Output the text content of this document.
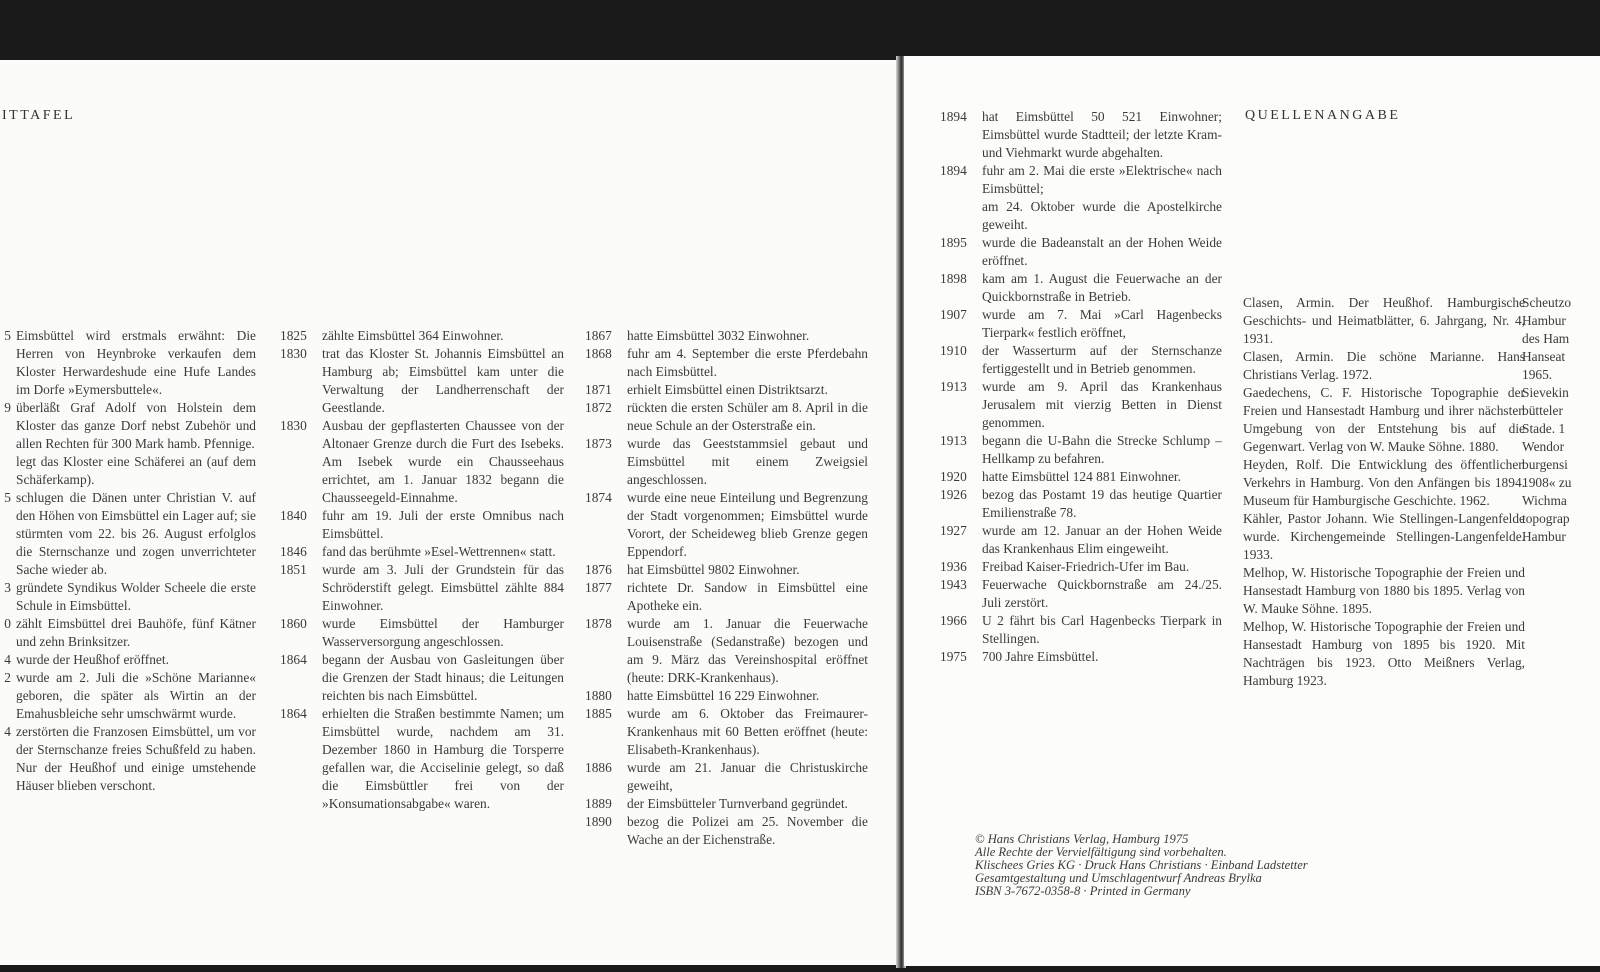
ITTAFEL
5 Eimsbüttel wird erstmals erwähnt: Die Herren von Heynbroke verkaufen dem Kloster Herwardeshude eine Hufe Landes im Dorfe »Eymersbuttele«.
9 überläßt Graf Adolf von Holstein dem Kloster das ganze Dorf nebst Zubehör und allen Rechten für 300 Mark hamb. Pfennige.
legt das Kloster eine Schäferei an (auf dem Schäferkamp).
5 schlugen die Dänen unter Christian V. auf den Höhen von Eimsbüttel ein Lager auf; sie stürmten vom 22. bis 26. August erfolglos die Sternschanze und zogen unverrichteter Sache wieder ab.
3 gründete Syndikus Wolder Scheele die erste Schule in Eimsbüttel.
0 zählt Eimsbüttel drei Bauhöfe, fünf Kätner und zehn Brinksitzer.
4 wurde der Heußhof eröffnet.
2 wurde am 2. Juli die »Schöne Marianne« geboren, die später als Wirtin an der Emahusbleiche sehr umschwärmt wurde.
4 zerstörten die Franzosen Eimsbüttel, um vor der Sternschanze freies Schußfeld zu haben. Nur der Heußhof und einige umstehende Häuser blieben verschont.
1825	zählte Eimsbüttel 364 Einwohner.
1830	trat das Kloster St. Johannis Eimsbüttel an Hamburg ab; Eimsbüttel kam unter die Verwaltung der Landherrenschaft der Geestlande.
1830	Ausbau der gepflasterten Chaussee von der Altonaer Grenze durch die Furt des Isebeks. Am Isebek wurde ein Chausseehaus errichtet, am 1. Januar 1832 begann die Chausseegeld-Einnahme.
1840	fuhr am 19. Juli der erste Omnibus nach Eimsbüttel.
1846	fand das berühmte »Esel-Wettrennen« statt.
1851	wurde am 3. Juli der Grundstein für das Schröderstift gelegt. Eimsbüttel zählte 884 Einwohner.
1860	wurde Eimsbüttel der Hamburger Wasserversorgung angeschlossen.
1864	begann der Ausbau von Gasleitungen über die Grenzen der Stadt hinaus; die Leitungen reichten bis nach Eimsbüttel.
1864	erhielten die Straßen bestimmte Namen; um Eimsbüttel wurde, nachdem am 31. Dezember 1860 in Hamburg die Torsperre gefallen war, die Acciselinie gelegt, so daß die Eimsbüttler frei von der »Konsumationsabgabe« waren.
1867	hatte Eimsbüttel 3032 Einwohner.
1868	fuhr am 4. September die erste Pferdebahn nach Eimsbüttel.
1871	erhielt Eimsbüttel einen Distriktsarzt.
1872	rückten die ersten Schüler am 8. April in die neue Schule an der Osterstraße ein.
1873	wurde das Geeststammsiel gebaut und Eimsbüttel mit einem Zweigsiel angeschlossen.
1874	wurde eine neue Einteilung und Begrenzung der Stadt vorgenommen; Eimsbüttel wurde Vorort, der Scheideweg blieb Grenze gegen Eppendorf.
1876	hat Eimsbüttel 9802 Einwohner.
1877	richtete Dr. Sandow in Eimsbüttel eine Apotheke ein.
1878	wurde am 1. Januar die Feuerwache Louisenstraße (Sedanstraße) bezogen und am 9. März das Vereinshospital eröffnet (heute: DRK-Krankenhaus).
1880	hatte Eimsbüttel 16 229 Einwohner.
1885	wurde am 6. Oktober das Freimaurer-Krankenhaus mit 60 Betten eröffnet (heute: Elisabeth-Krankenhaus).
1886	wurde am 21. Januar die Christuskirche geweiht,
1889	der Eimsbütteler Turnverband gegründet.
1890	bezog die Polizei am 25. November die Wache an der Eichenstraße.
1894	hat Eimsbüttel 50 521 Einwohner; Eimsbüttel wurde Stadtteil; der letzte Kram- und Viehmarkt wurde abgehalten.
1894	fuhr am 2. Mai die erste »Elektrische« nach Eimsbüttel;
am 24. Oktober wurde die Apostelkirche geweiht.
1895	wurde die Badeanstalt an der Hohen Weide eröffnet.
1898	kam am 1. August die Feuerwache an der Quickbornstraße in Betrieb.
1907	wurde am 7. Mai »Carl Hagenbecks Tierpark« festlich eröffnet,
1910	der Wasserturm auf der Sternschanze fertiggestellt und in Betrieb genommen.
1913	wurde am 9. April das Krankenhaus Jerusalem mit vierzig Betten in Dienst genommen.
1913	begann die U-Bahn die Strecke Schlump – Hellkamp zu befahren.
1920	hatte Eimsbüttel 124 881 Einwohner.
1926	bezog das Postamt 19 das heutige Quartier Emilienstraße 78.
1927	wurde am 12. Januar an der Hohen Weide das Krankenhaus Elim eingeweiht.
1936	Freibad Kaiser-Friedrich-Ufer im Bau.
1943	Feuerwache Quickbornstraße am 24./25. Juli zerstört.
1966	U 2 fährt bis Carl Hagenbecks Tierpark in Stellingen.
1975	700 Jahre Eimsbüttel.
QUELLENANGABE

Clasen, Armin. Der Heußhof. Hamburgische Geschichts- und Heimatblätter, 6. Jahrgang, Nr. 4, 1931.

Clasen, Armin. Die schöne Marianne. Hans Christians Verlag. 1972.

Gaedechens, C. F. Historische Topographie der Freien und Hansestadt Hamburg und ihrer nächsten Umgebung von der Entstehung bis auf die Gegenwart. Verlag von W. Mauke Söhne. 1880.

Heyden, Rolf. Die Entwicklung des öffentlichen Verkehrs in Hamburg. Von den Anfängen bis 1894. Museum für Hamburgische Geschichte. 1962.

Kähler, Pastor Johann. Wie Stellingen-Langenfelde wurde. Kirchengemeinde Stellingen-Langenfelde. 1933.

Melhop, W. Historische Topographie der Freien und Hansestadt Hamburg von 1880 bis 1895. Verlag von W. Mauke Söhne. 1895.

Melhop, W. Historische Topographie der Freien und Hansestadt Hamburg von 1895 bis 1920. Mit Nachträgen bis 1923. Otto Meißners Verlag, Hamburg 1923.

Scheutzo
Hambur
des Ham
Hanseat
1965.
Sievekin
bütteler
Stade. 1
Wendor
burgensi
1908« zu
Wichma
topograp
Hambur
© Hans Christians Verlag, Hamburg 1975
Alle Rechte der Vervielfältigung sind vorbehalten.
Klischees Gries KG · Druck Hans Christians · Einband Ladstetter
Gesamtgestaltung und Umschlagentwurf Andreas Brylka
ISBN 3-7672-0358-8 · Printed in Germany
